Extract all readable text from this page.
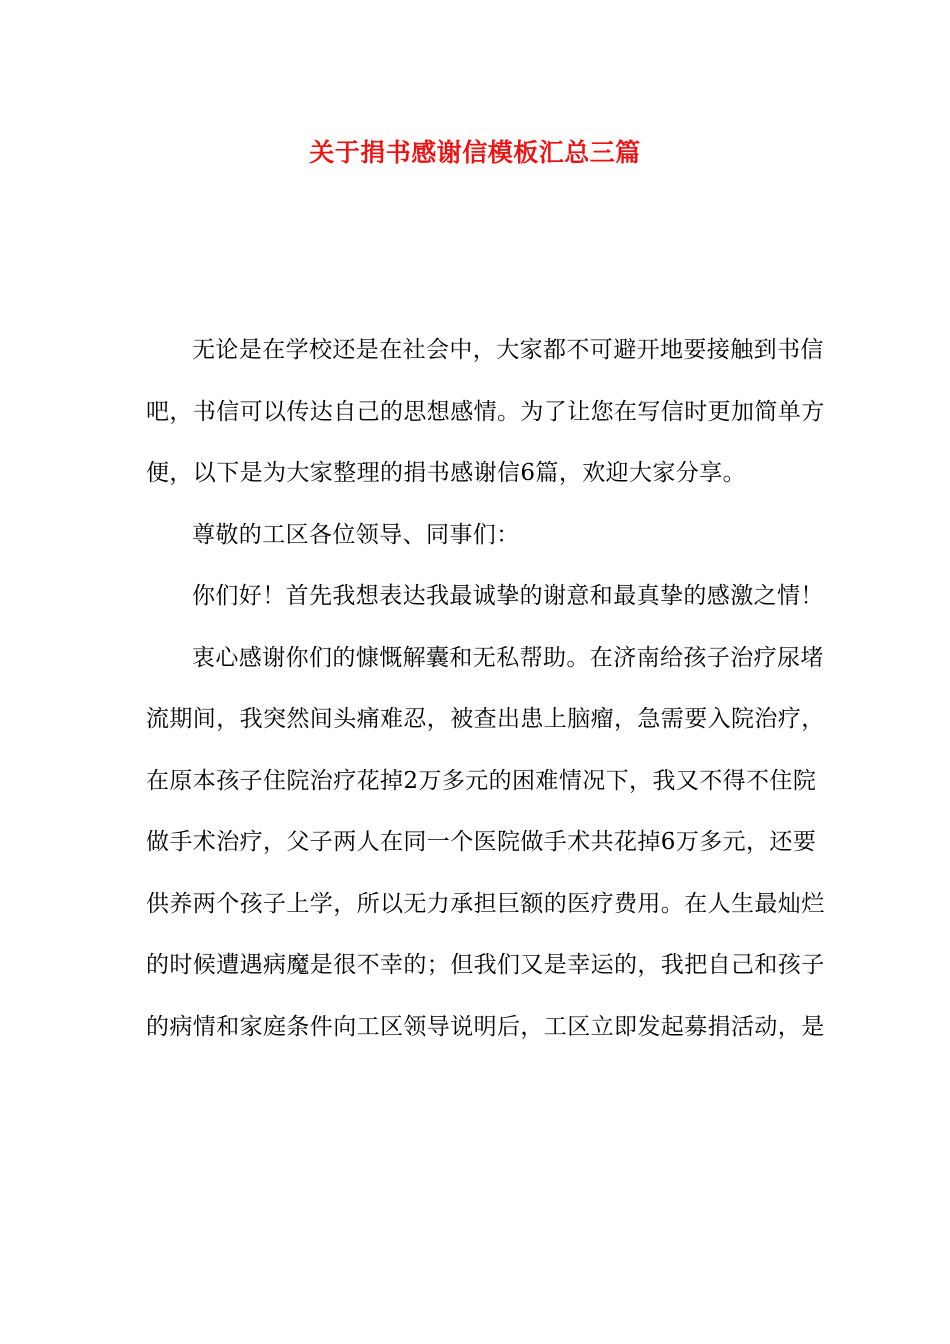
关于捐书感谢信模板汇总三篇
无论是在学校还是在社会中，大家都不可避开地要接触到书信
吧，书信可以传达自己的思想感情。为了让您在写信时更加简单方
便，以下是为大家整理的捐书感谢信6篇，欢迎大家分享。
尊敬的工区各位领导、同事们：
你们好！首先我想表达我最诚挚的谢意和最真挚的感激之情！
衷心感谢你们的慷慨解囊和无私帮助。在济南给孩子治疗尿堵
流期间，我突然间头痛难忍，被查出患上脑瘤，急需要入院治疗，
在原本孩子住院治疗花掉2万多元的困难情况下，我又不得不住院
做手术治疗，父子两人在同一个医院做手术共花掉6万多元，还要
供养两个孩子上学，所以无力承担巨额的医疗费用。在人生最灿烂
的时候遭遇病魔是很不幸的；但我们又是幸运的，我把自己和孩子
的病情和家庭条件向工区领导说明后，工区立即发起募捐活动，是
